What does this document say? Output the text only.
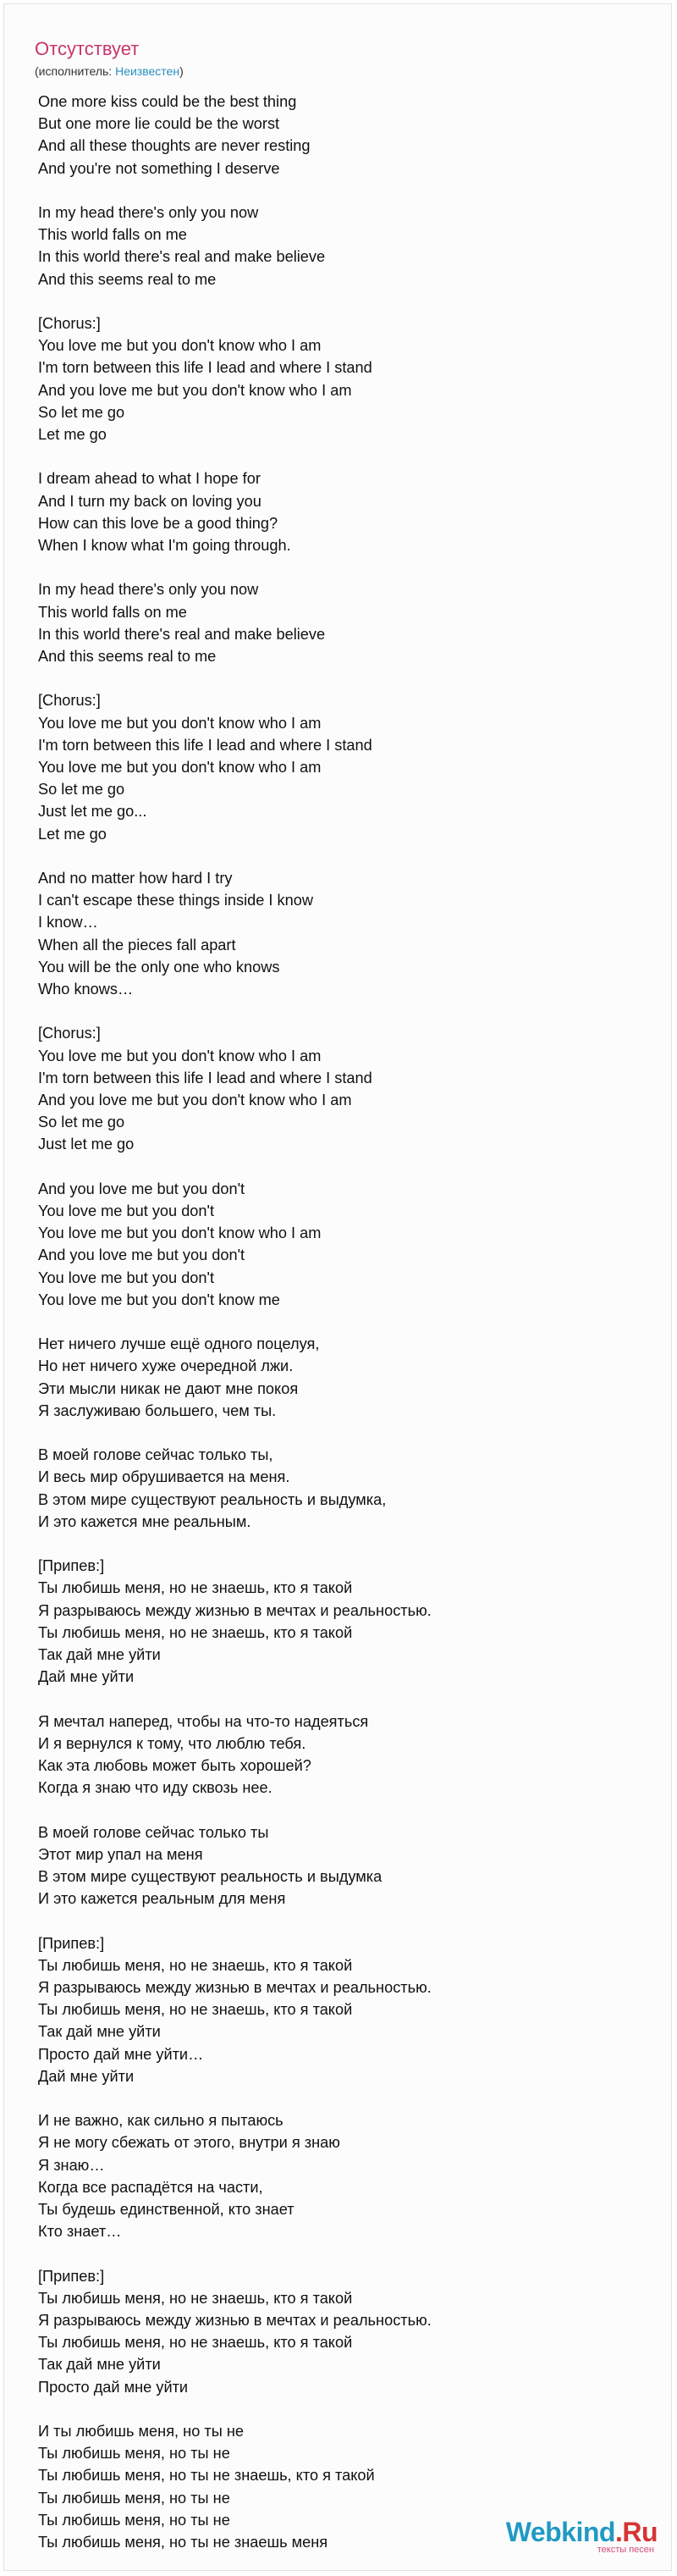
Отсутствует
(исполнитель: Неизвестен)
One more kiss could be the best thing
But one more lie could be the worst
And all these thoughts are never resting
And you're not something I deserve
In my head there's only you now
This world falls on me
In this world there's real and make believe
And this seems real to me
[Chorus:]
You love me but you don't know who I am
I'm torn between this life I lead and where I stand
And you love me but you don't know who I am
So let me go
Let me go
I dream ahead to what I hope for
And I turn my back on loving you
How can this love be a good thing?
When I know what I'm going through.
In my head there's only you now
This world falls on me
In this world there's real and make believe
And this seems real to me
[Chorus:]
You love me but you don't know who I am
I'm torn between this life I lead and where I stand
You love me but you don't know who I am
So let me go
Just let me go...
Let me go
And no matter how hard I try
I can't escape these things inside I know
I know…
When all the pieces fall apart
You will be the only one who knows
Who knows…
[Chorus:]
You love me but you don't know who I am
I'm torn between this life I lead and where I stand
And you love me but you don't know who I am
So let me go
Just let me go
And you love me but you don't
You love me but you don't
You love me but you don't know who I am
And you love me but you don't
You love me but you don't
You love me but you don't know me
Нет ничего лучше ещё одного поцелуя,
Но нет ничего хуже очередной лжи.
Эти мысли никак не дают мне покоя
Я заслуживаю большего, чем ты.
В моей голове сейчас только ты,
И весь мир обрушивается на меня.
В этом мире существуют реальность и выдумка,
И это кажется мне реальным.
[Припев:]
Ты любишь меня, но не знаешь, кто я такой
Я разрываюсь между жизнью в мечтах и реальностью.
Ты любишь меня, но не знаешь, кто я такой
Так дай мне уйти
Дай мне уйти
Я мечтал наперед, чтобы на что-то надеяться
И я вернулся к тому, что люблю тебя.
Как эта любовь может быть хорошей?
Когда я знаю что иду сквозь нее.
В моей голове сейчас только ты
Этот мир упал на меня
В этом мире существуют реальность и выдумка
И это кажется реальным для меня
[Припев:]
Ты любишь меня, но не знаешь, кто я такой
Я разрываюсь между жизнью в мечтах и реальностью.
Ты любишь меня, но не знаешь, кто я такой
Так дай мне уйти
Просто дай мне уйти…
Дай мне уйти
И не важно, как сильно я пытаюсь
Я не могу сбежать от этого, внутри я знаю
Я знаю…
Когда все распадётся на части,
Ты будешь единственной, кто знает
Кто знает…
[Припев:]
Ты любишь меня, но не знаешь, кто я такой
Я разрываюсь между жизнью в мечтах и реальностью.
Ты любишь меня, но не знаешь, кто я такой
Так дай мне уйти
Просто дай мне уйти
И ты любишь меня, но ты не
Ты любишь меня, но ты не
Ты любишь меня, но ты не знаешь, кто я такой
Ты любишь меня, но ты не
Ты любишь меня, но ты не
Ты любишь меня, но ты не знаешь меня	Webkind.Ru
тексты песен
